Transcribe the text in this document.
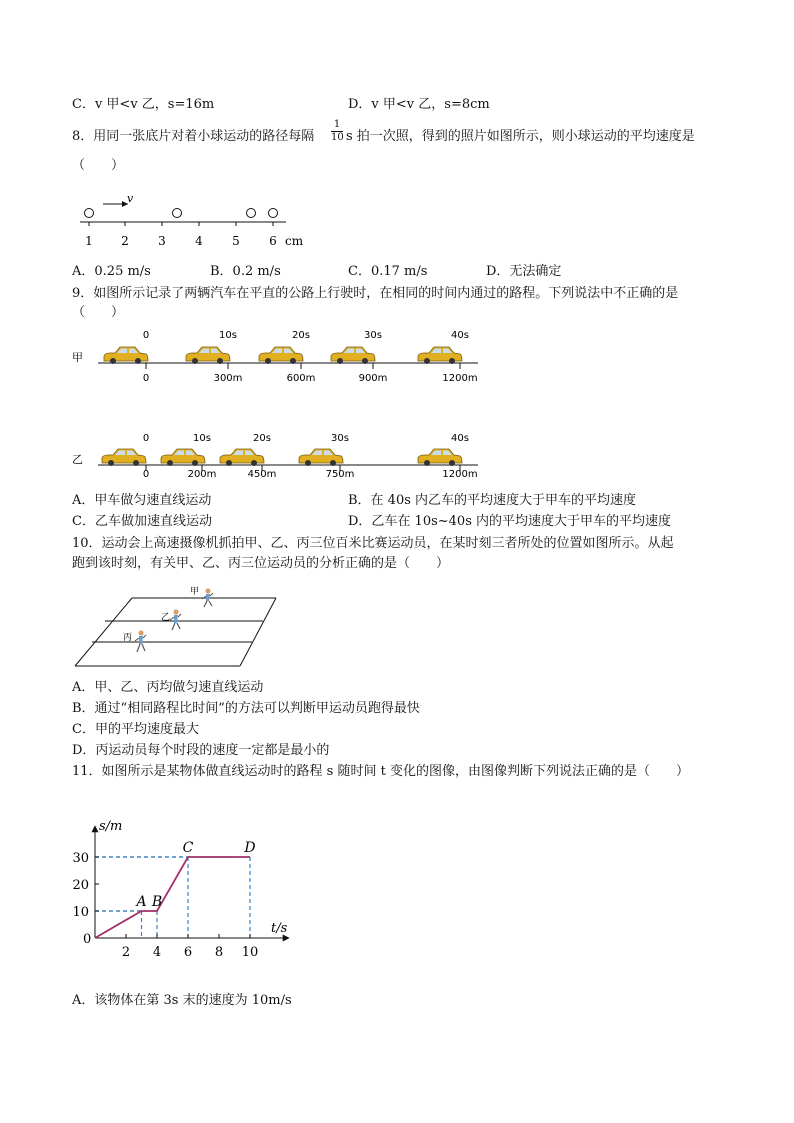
C．v 甲<v 乙，s=16m	D．v 甲<v 乙，s=8cm
8．用同一张底片对着小球运动的路径每隔
1
10 s 拍一次照，得到的照片如图所示，则小球运动的平均速度是
（　　）
v
1 2 3 4 5 6 cm
A．0.25 m/s	B．0.2 m/s	C．0.17 m/s	D．无法确定
9．如图所示记录了两辆汽车在平直的公路上行驶时，在相同的时间内通过的路程。下列说法中不正确的是
（　　）
甲
0	10s	20s	30s	40s
0	300m	600m	900m	1200m
乙
0	10s	20s	30s	40s
0	200m	450m	750m	1200m
A．甲车做匀速直线运动	B．在 40s 内乙车的平均速度大于甲车的平均速度
C．乙车做加速直线运动	D．乙车在 10s~40s 内的平均速度大于甲车的平均速度
10．运动会上高速摄像机抓拍甲、乙、丙三位百米比赛运动员，在某时刻三者所处的位置如图所示。从起
跑到该时刻，有关甲、乙、丙三位运动员的分析正确的是（　　）
甲
乙
丙
A．甲、乙、丙均做匀速直线运动
B．通过“相同路程比时间”的方法可以判断甲运动员跑得最快
C．甲的平均速度最大
D．丙运动员每个时段的速度一定都是最小的
11．如图所示是某物体做直线运动时的路程 s 随时间 t 变化的图像，由图像判断下列说法正确的是（　　）
t/s
s/m
0
10
20
30
2 4 6 8 10
A B
C	D
A．该物体在第 3s 末的速度为 10m/s
